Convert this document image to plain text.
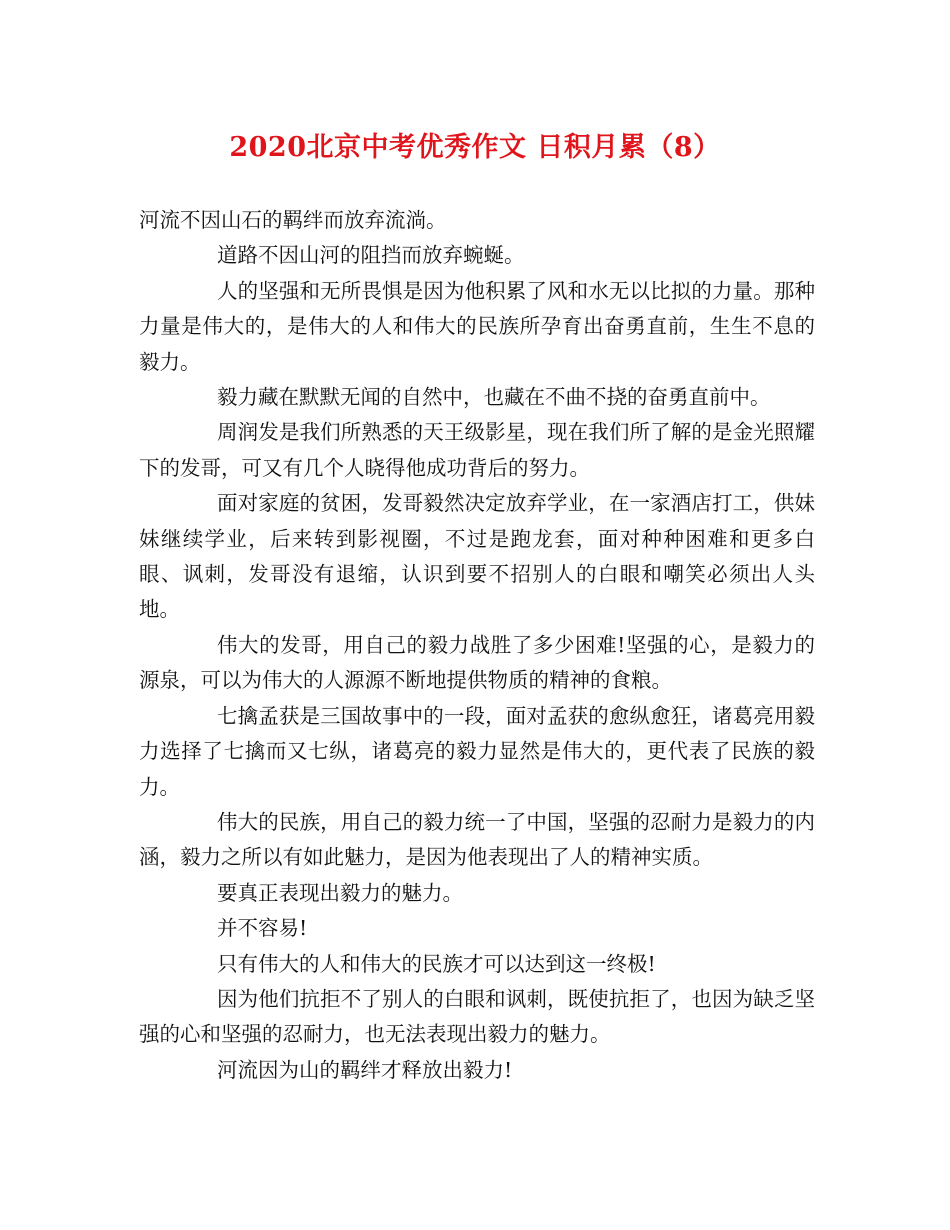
2020北京中考优秀作文 日积月累（8）

河流不因山石的羁绊而放弃流淌。

道路不因山河的阻挡而放弃蜿蜒。

人的坚强和无所畏惧是因为他积累了风和水无以比拟的力量。那种力量是伟大的，是伟大的人和伟大的民族所孕育出奋勇直前，生生不息的毅力。

毅力藏在默默无闻的自然中，也藏在不曲不挠的奋勇直前中。

周润发是我们所熟悉的天王级影星，现在我们所了解的是金光照耀下的发哥，可又有几个人晓得他成功背后的努力。

面对家庭的贫困，发哥毅然决定放弃学业，在一家酒店打工，供妹妹继续学业，后来转到影视圈，不过是跑龙套，面对种种困难和更多白眼、讽刺，发哥没有退缩，认识到要不招别人的白眼和嘲笑必须出人头地。

伟大的发哥，用自己的毅力战胜了多少困难!坚强的心，是毅力的源泉，可以为伟大的人源源不断地提供物质的精神的食粮。

七擒孟获是三国故事中的一段，面对孟获的愈纵愈狂，诸葛亮用毅力选择了七擒而又七纵，诸葛亮的毅力显然是伟大的，更代表了民族的毅力。

伟大的民族，用自己的毅力统一了中国，坚强的忍耐力是毅力的内涵，毅力之所以有如此魅力，是因为他表现出了人的精神实质。

要真正表现出毅力的魅力。

并不容易!

只有伟大的人和伟大的民族才可以达到这一终极!

因为他们抗拒不了别人的白眼和讽刺，既使抗拒了，也因为缺乏坚强的心和坚强的忍耐力，也无法表现出毅力的魅力。

河流因为山的羁绊才释放出毅力!
